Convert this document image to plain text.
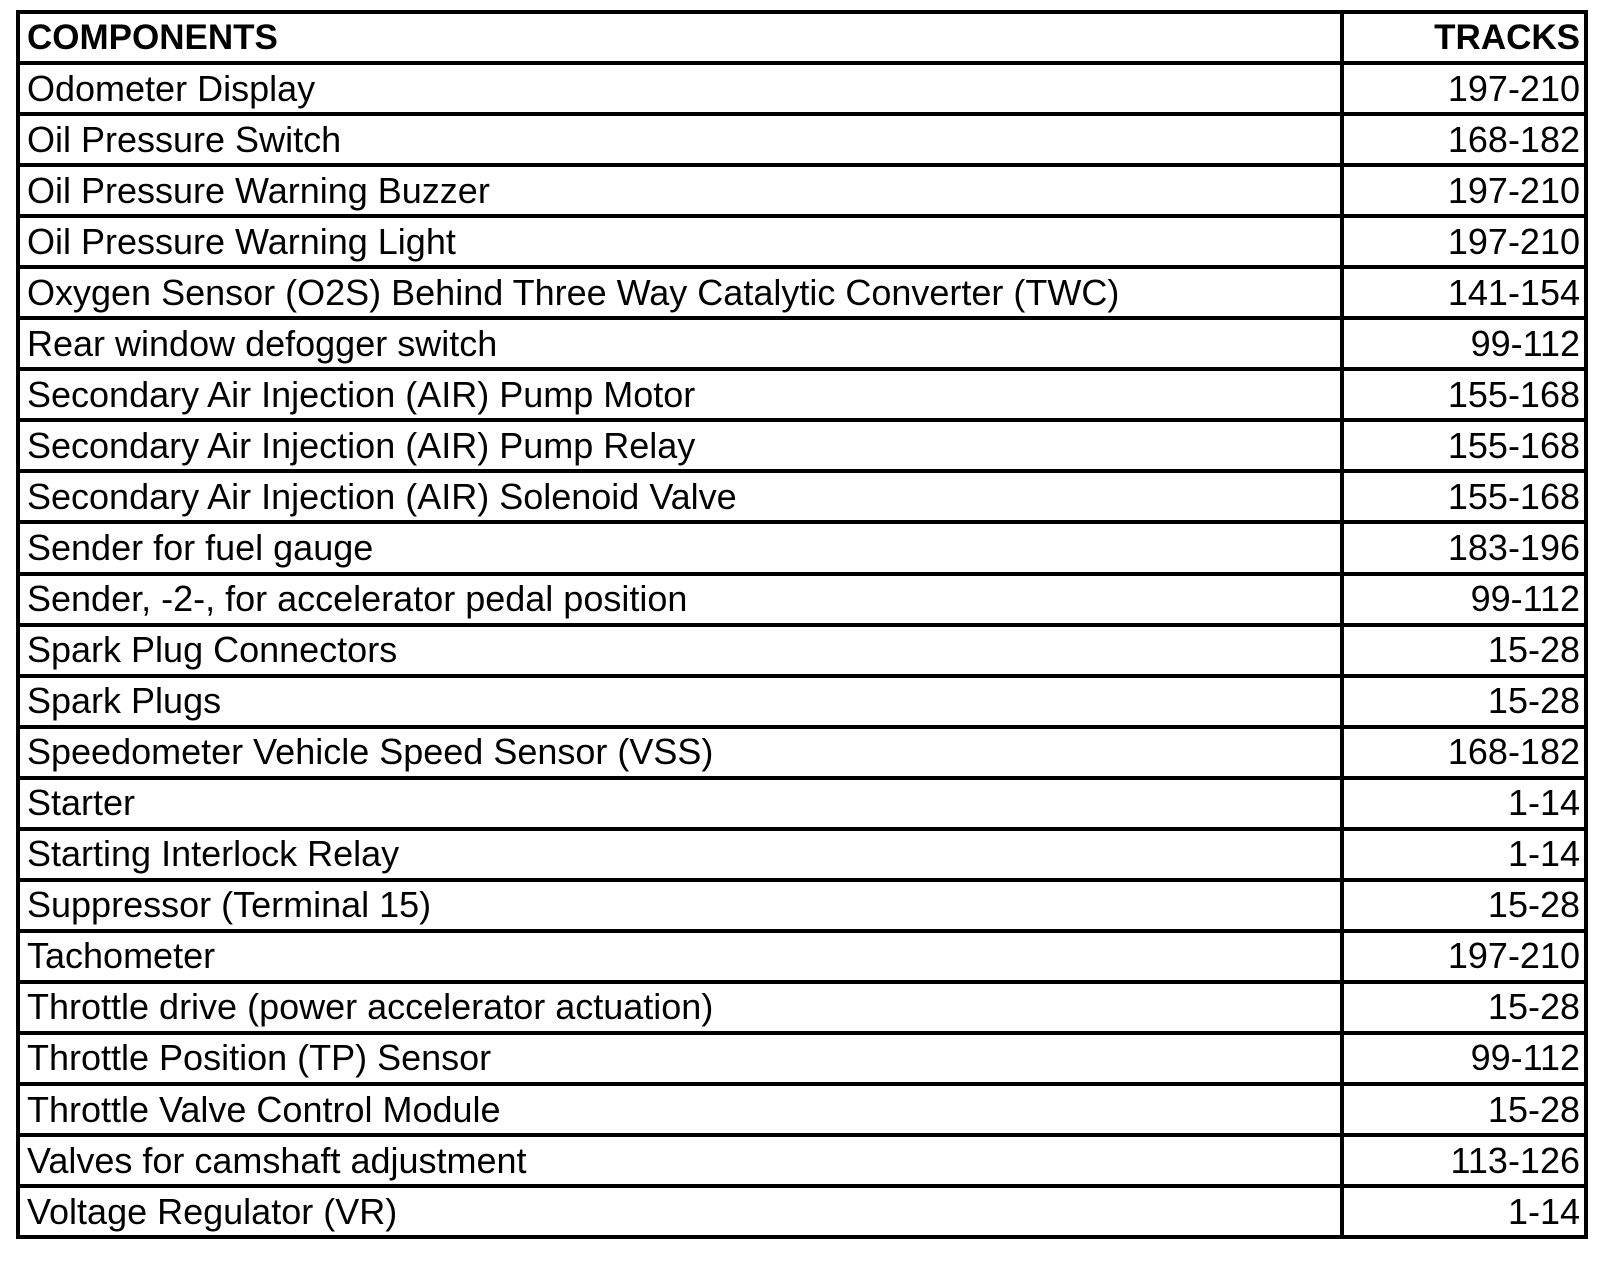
COMPONENTS	TRACKS
Odometer Display	197-210
Oil Pressure Switch	168-182
Oil Pressure Warning Buzzer	197-210
Oil Pressure Warning Light	197-210
Oxygen Sensor (O2S) Behind Three Way Catalytic Converter (TWC)	141-154
Rear window defogger switch	99-112
Secondary Air Injection (AIR) Pump Motor	155-168
Secondary Air Injection (AIR) Pump Relay	155-168
Secondary Air Injection (AIR) Solenoid Valve	155-168
Sender for fuel gauge	183-196
Sender, -2-, for accelerator pedal position	99-112
Spark Plug Connectors	15-28
Spark Plugs	15-28
Speedometer Vehicle Speed Sensor (VSS)	168-182
Starter	1-14
Starting Interlock Relay	1-14
Suppressor (Terminal 15)	15-28
Tachometer	197-210
Throttle drive (power accelerator actuation)	15-28
Throttle Position (TP) Sensor	99-112
Throttle Valve Control Module	15-28
Valves for camshaft adjustment	113-126
Voltage Regulator (VR)	1-14
